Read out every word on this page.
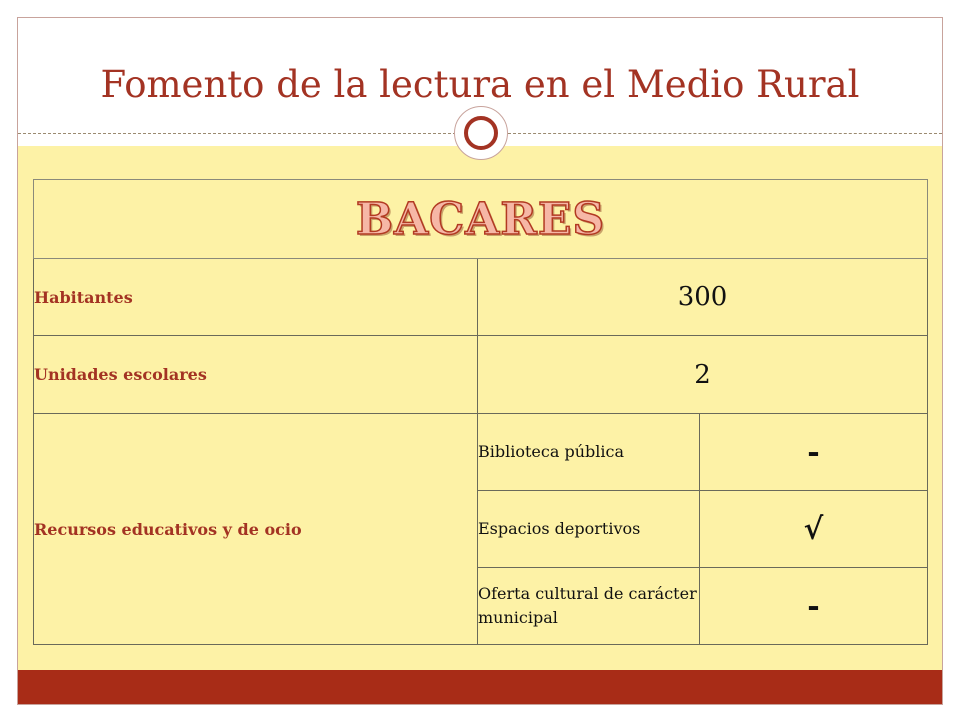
Fomento de la lectura en el Medio Rural
BACARES		
Habitantes	300	
Unidades escolares	2	
Recursos educativos y de ocio	Biblioteca pública	-
	Espacios deportivos	√
	Oferta cultural de carácter municipal	-
